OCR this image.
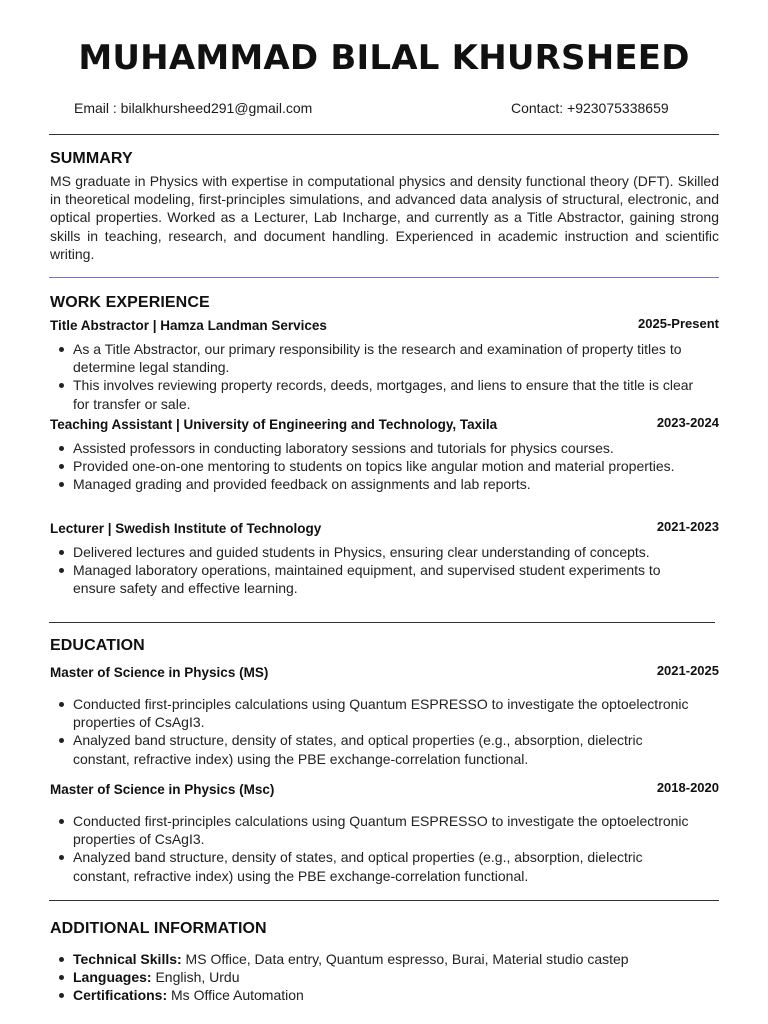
MUHAMMAD BILAL KHURSHEED
Email : bilalkhursheed291@gmail.com	Contact: +923075338659
SUMMARY
MS graduate in Physics with expertise in computational physics and density functional theory (DFT). Skilled in theoretical modeling, first-principles simulations, and advanced data analysis of structural, electronic, and optical properties. Worked as a Lecturer, Lab Incharge, and currently as a Title Abstractor, gaining strong skills in teaching, research, and document handling. Experienced in academic instruction and scientific writing.
WORK EXPERIENCE
Title Abstractor | Hamza Landman Services	2025-Present
As a Title Abstractor, our primary responsibility is the research and examination of property titles to determine legal standing.
This involves reviewing property records, deeds, mortgages, and liens to ensure that the title is clear for transfer or sale.
Teaching Assistant | University of Engineering and Technology, Taxila	2023-2024
Assisted professors in conducting laboratory sessions and tutorials for physics courses.
Provided one-on-one mentoring to students on topics like angular motion and material properties.
Managed grading and provided feedback on assignments and lab reports.
Lecturer | Swedish Institute of Technology	2021-2023
Delivered lectures and guided students in Physics, ensuring clear understanding of concepts.
Managed laboratory operations, maintained equipment, and supervised student experiments to ensure safety and effective learning.
EDUCATION
Master of Science in Physics (MS)	2021-2025
Conducted first-principles calculations using Quantum ESPRESSO to investigate the optoelectronic properties of CsAgI3.
Analyzed band structure, density of states, and optical properties (e.g., absorption, dielectric constant, refractive index) using the PBE exchange-correlation functional.
Master of Science in Physics (Msc)	2018-2020
Conducted first-principles calculations using Quantum ESPRESSO to investigate the optoelectronic properties of CsAgI3.
Analyzed band structure, density of states, and optical properties (e.g., absorption, dielectric constant, refractive index) using the PBE exchange-correlation functional.
ADDITIONAL INFORMATION
Technical Skills: MS Office, Data entry, Quantum espresso, Burai, Material studio castep
Languages: English, Urdu
Certifications: Ms Office Automation
